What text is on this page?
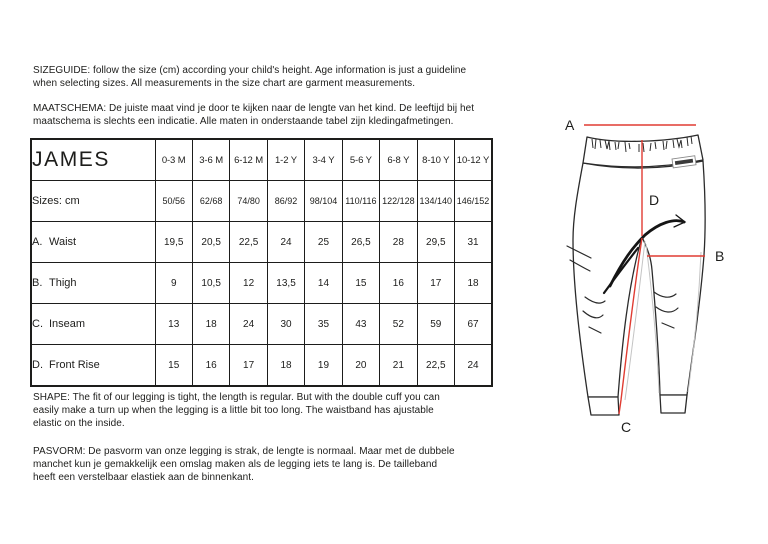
SIZEGUIDE: follow the size (cm) according your child's height. Age information is just a guideline
when selecting sizes. All measurements in the size chart are garment measurements.
MAATSCHEMA: De juiste maat vind je door te kijken naar de lengte van het kind. De leeftijd bij het
maatschema is slechts een indicatie. Alle maten in onderstaande tabel zijn kledingafmetingen.
JAMES	0-3 M	3-6 M	6-12 M	1-2 Y	3-4 Y	5-6 Y	6-8 Y	8-10 Y	10-12 Y
Sizes: cm	50/56	62/68	74/80	86/92	98/104	110/116	122/128	134/140	146/152
A. Waist	19,5	20,5	22,5	24	25	26,5	28	29,5	31
B. Thigh	9	10,5	12	13,5	14	15	16	17	18
C. Inseam	13	18	24	30	35	43	52	59	67
D. Front Rise	15	16	17	18	19	20	21	22,5	24
SHAPE: The fit of our legging is tight, the length is regular. But with the double cuff you can
easily make a turn up when the legging is a little bit too long. The waistband has ajustable
elastic on the inside.
PASVORM: De pasvorm van onze legging is strak, de lengte is normaal. Maar met de dubbele
manchet kun je gemakkelijk een omslag maken als de legging iets te lang is. De tailleband
heeft een verstelbaar elastiek aan de binnenkant.
A
D
B
C
